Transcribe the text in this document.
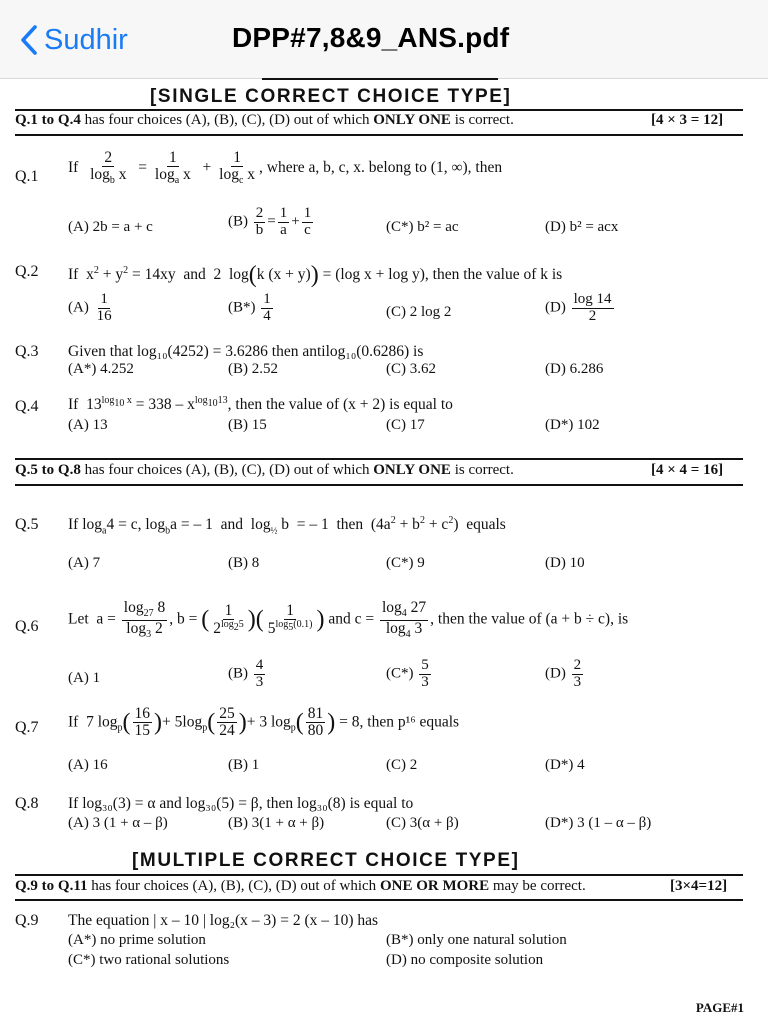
Sudhir	DPP#7,8&9_ANS.pdf
[SINGLE CORRECT CHOICE TYPE]
Q.1 to Q.4 has four choices (A), (B), (C), (D) out of which ONLY ONE is correct.	[4 × 3 = 12]
Q.1
If $\frac{2}{\log_b x} = \frac{1}{\log_a x} + \frac{1}{\log_c x}$ , where a, b, c, x. belong to (1, ∞), then
(A) 2b = a + c	$(B) \frac{2}{b} = \frac{1}{a} + \frac{1}{c}$	(C*) b² = ac	(D) b² = acx
Q.2 If  $x^2 + y^2 = 14xy$  and  2  log(k (x + y)) = (log x + log y), then the value of k is
$(A) \frac{1}{16}$	$(B*) \frac{1}{4}$	(C) 2 log 2	$(D) \frac{\log 14}{2}$
Q.3 Given that log₁₀(4252) = 3.6286 then antilog₁₀(0.6286) is
(A*) 4.252	(B) 2.52	(C) 3.62	(D) 6.286
Q.4 If  $13^{log_{10} x} = 338 - x^{log_{10}13}$, then the value of (x + 2) is equal to
(A) 13	(B) 15	(C) 17	(D*) 102
Q.5 to Q.8 has four choices (A), (B), (C), (D) out of which ONLY ONE is correct.	[4 × 4 = 16]
Q.5 If $\log_a4 = c$, $\log_ba$ = – 1  and  $\log_{\frac{1}{2}} b$  = – 1  then  $(4a^2 + b^2 + c^2)$  equals
(A) 7	(B) 8	(C*) 9	(D) 10
Q.6 Let  $a = \frac{\log_{27} 8}{\log_3 2}$ , b = ( $\frac{1}{2^{log_25}}$ )( $\frac{1}{5^{log_5(0.1)}}$ ) and $c = \frac{\log_4 27}{\log_4 3}$ , then the value of (a + b ÷ c), is
(A) 1	$(B) \frac{4}{3}$	$(C*) \frac{5}{3}$	$(D) \frac{2}{3}$
Q.7 If  7 $\log_p( \frac{16}{15}$ )+ $5\log_p( \frac{25}{24}$ )+ 3 $\log_p( \frac{81}{80}$ ) = 8, then p¹⁶ equals
(A) 16	(B) 1	(C) 2	(D*) 4
Q.8 If log₃₀(3) = α and log₃₀(5) = β, then log₃₀(8) is equal to
(A) 3 (1 + α – β)	(B) 3(1 + α + β)	(C) 3(α + β)	(D*) 3 (1 – α – β)
[MULTIPLE CORRECT CHOICE TYPE]
Q.9 to Q.11 has four choices (A), (B), (C), (D) out of which ONE OR MORE may be correct.	[3×4=12]
Q.9 The equation | x – 10 | log₂(x – 3) = 2 (x – 10) has
(A*) no prime solution	(B*) only one natural solution
(C*) two rational solutions	(D) no composite solution
PAGE#1
